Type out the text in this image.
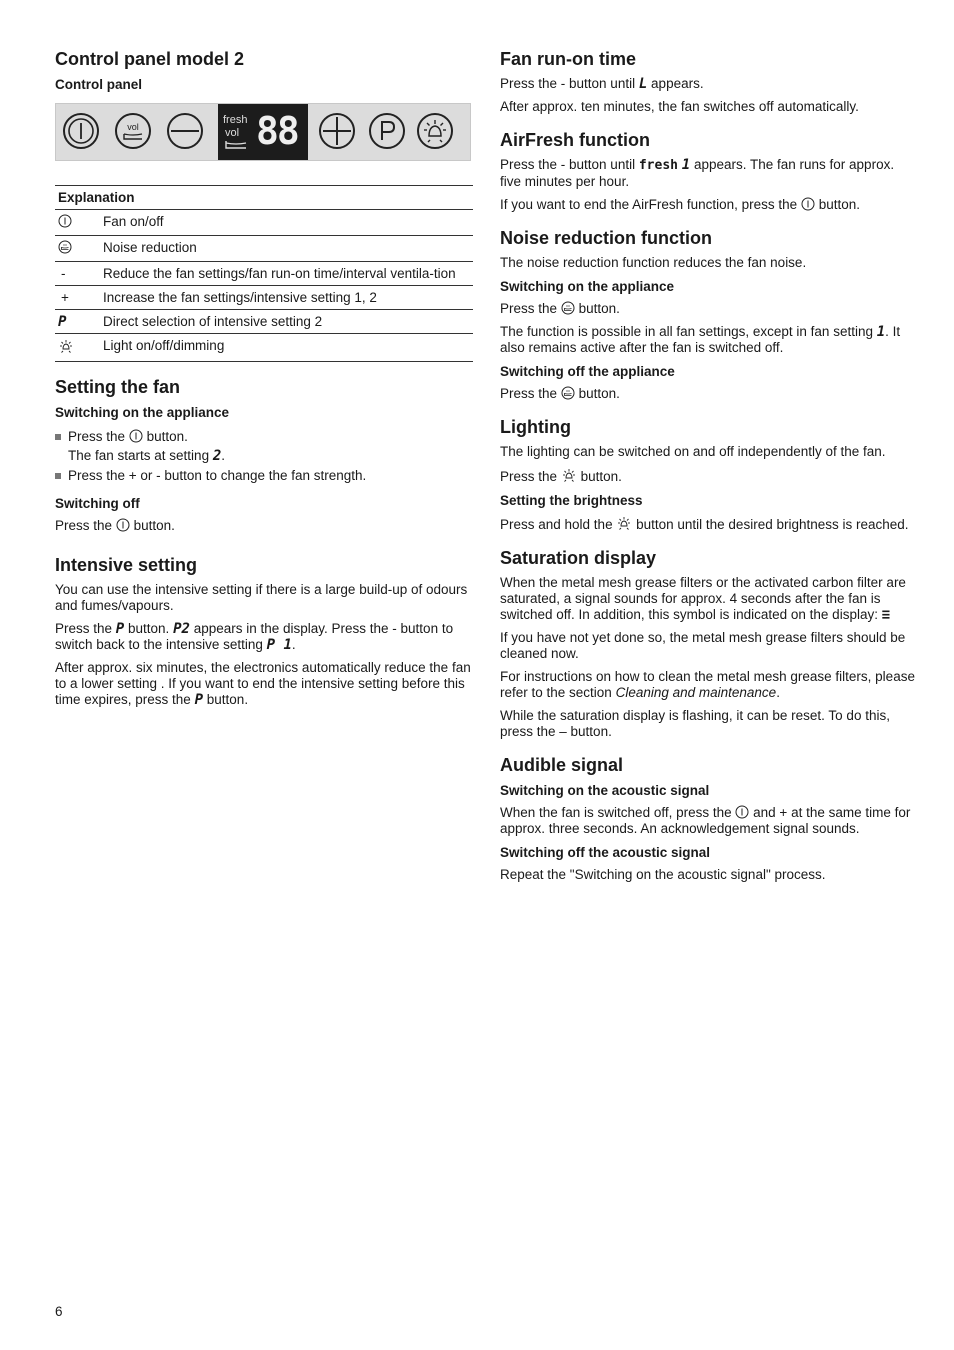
Control panel model 2
Control panel
vol
fresh
vol 88
Explanation	
	Fan on/off
	Noise reduction
-	Reduce the fan settings/fan run-on time/interval ventila-tion
+	Increase the fan settings/intensive setting 1, 2
P	Direct selection of intensive setting 2
	Light on/off/dimming
Setting the fan
Switching on the appliance
Press the button.
The fan starts at setting 2.
Press the + or - button to change the fan strength.
Switching off

Press the button.

Intensive setting

You can use the intensive setting if there is a large build-up of odours and fumes/vapours.

Press the P button. P2 appears in the display. Press the - button to switch back to the intensive setting P 1.

After approx. six minutes, the electronics automatically reduce the fan to a lower setting . If you want to end the intensive setting before this time expires, press the P button.

Fan run-on time

Press the - button until L appears.

After approx. ten minutes, the fan switches off automatically.

AirFresh function

Press the - button until fresh 1 appears. The fan runs for approx. five minutes per hour.

If you want to end the AirFresh function, press the button.

Noise reduction function

The noise reduction function reduces the fan noise.

Switching on the appliance

Press the button.

The function is possible in all fan settings, except in fan setting 1. It also remains active after the fan is switched off.

Switching off the appliance

Press the button.

Lighting

The lighting can be switched on and off independently of the fan.

Press the button.

Setting the brightness

Press and hold the button until the desired brightness is reached.

Saturation display

When the metal mesh grease filters or the activated carbon filter are saturated, a signal sounds for approx. 4 seconds after the fan is switched off. In addition, this symbol is indicated on the display: ≡

If you have not yet done so, the metal mesh grease filters should be cleaned now.

For instructions on how to clean the metal mesh grease filters, please refer to the section Cleaning and maintenance.

While the saturation display is flashing, it can be reset. To do this, press the – button.

Audible signal
Switching on the acoustic signal

When the fan is switched off, press the and + at the same time for approx. three seconds. An acknowledgement signal sounds.

Switching off the acoustic signal

Repeat the "Switching on the acoustic signal" process.

6
